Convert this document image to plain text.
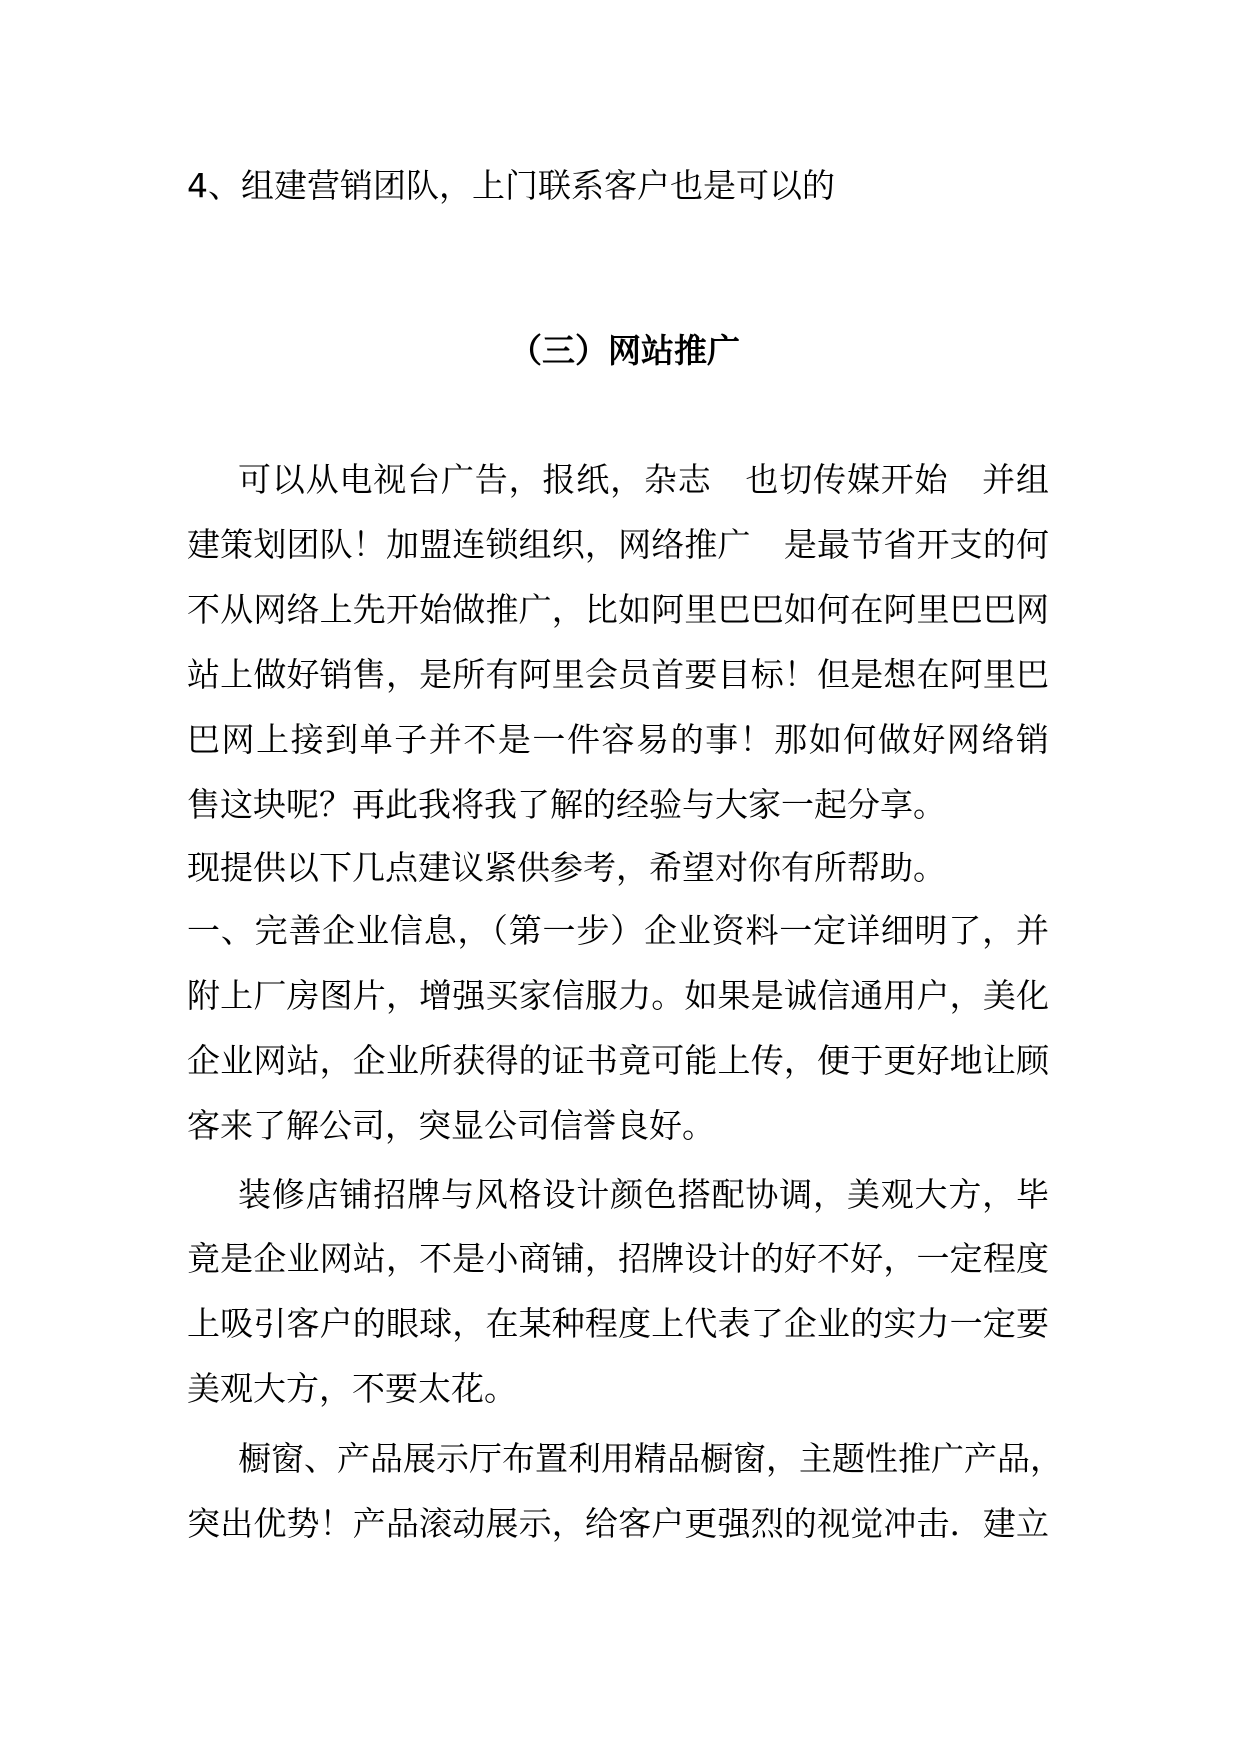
4、组建营销团队，上门联系客户也是可以的
（三）网站推广
可以从电视台广告，报纸，杂志　也切传媒开始　并组
建策划团队！加盟连锁组织，网络推广　是最节省开支的何
不从网络上先开始做推广，比如阿里巴巴如何在阿里巴巴网
站上做好销售，是所有阿里会员首要目标！但是想在阿里巴
巴网上接到单子并不是一件容易的事！那如何做好网络销
售这块呢？再此我将我了解的经验与大家一起分享。
现提供以下几点建议紧供参考，希望对你有所帮助。
一、完善企业信息，（第一步）企业资料一定详细明了，并
附上厂房图片，增强买家信服力。如果是诚信通用户，美化
企业网站，企业所获得的证书竟可能上传，便于更好地让顾
客来了解公司，突显公司信誉良好。
装修店铺招牌与风格设计颜色搭配协调，美观大方，毕
竟是企业网站，不是小商铺，招牌设计的好不好，一定程度
上吸引客户的眼球，在某种程度上代表了企业的实力一定要
美观大方，不要太花。
橱窗、产品展示厅布置利用精品橱窗，主题性推广产品，
突出优势！产品滚动展示，给客户更强烈的视觉冲击．建立
